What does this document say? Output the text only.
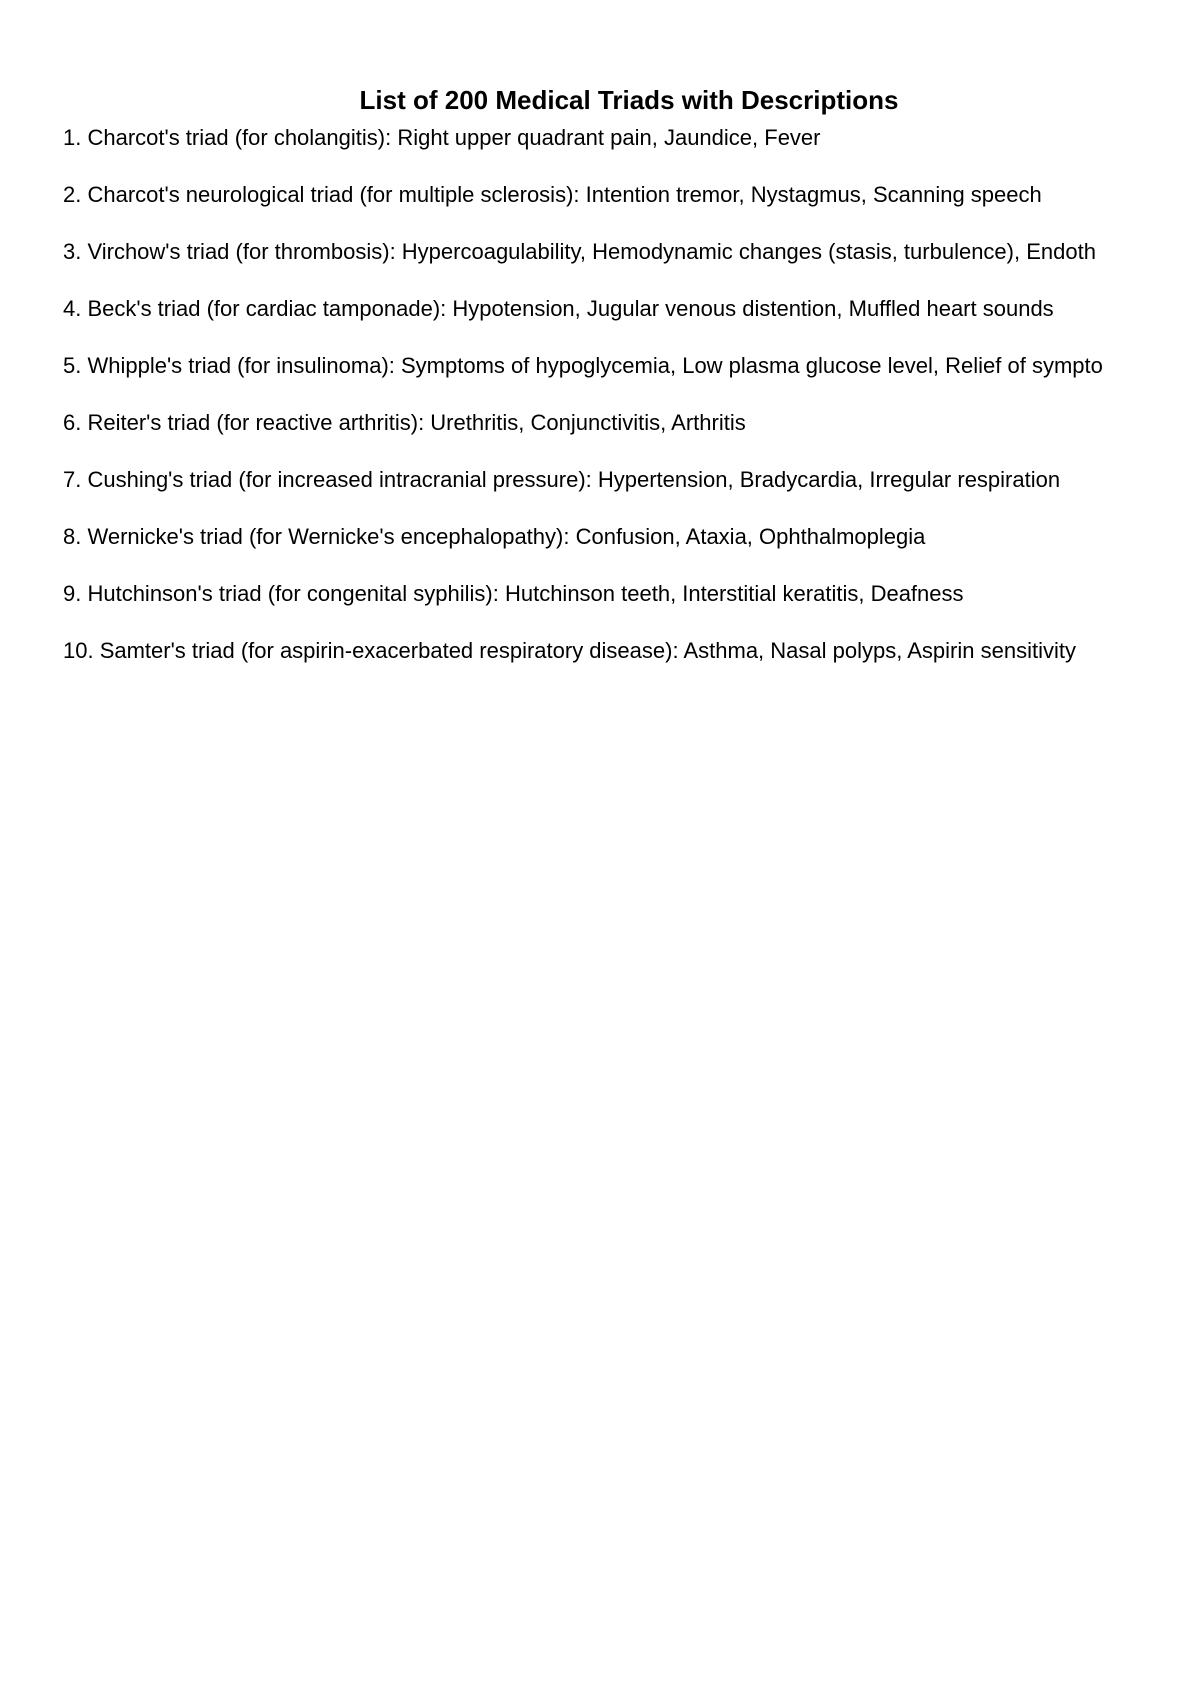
List of 200 Medical Triads with Descriptions
1. Charcot's triad (for cholangitis): Right upper quadrant pain, Jaundice, Fever
2. Charcot's neurological triad (for multiple sclerosis): Intention tremor, Nystagmus, Scanning speech
3. Virchow's triad (for thrombosis): Hypercoagulability, Hemodynamic changes (stasis, turbulence), Endoth
4. Beck's triad (for cardiac tamponade): Hypotension, Jugular venous distention, Muffled heart sounds
5. Whipple's triad (for insulinoma): Symptoms of hypoglycemia, Low plasma glucose level, Relief of sympto
6. Reiter's triad (for reactive arthritis): Urethritis, Conjunctivitis, Arthritis
7. Cushing's triad (for increased intracranial pressure): Hypertension, Bradycardia, Irregular respiration
8. Wernicke's triad (for Wernicke's encephalopathy): Confusion, Ataxia, Ophthalmoplegia
9. Hutchinson's triad (for congenital syphilis): Hutchinson teeth, Interstitial keratitis, Deafness
10. Samter's triad (for aspirin-exacerbated respiratory disease): Asthma, Nasal polyps, Aspirin sensitivity
